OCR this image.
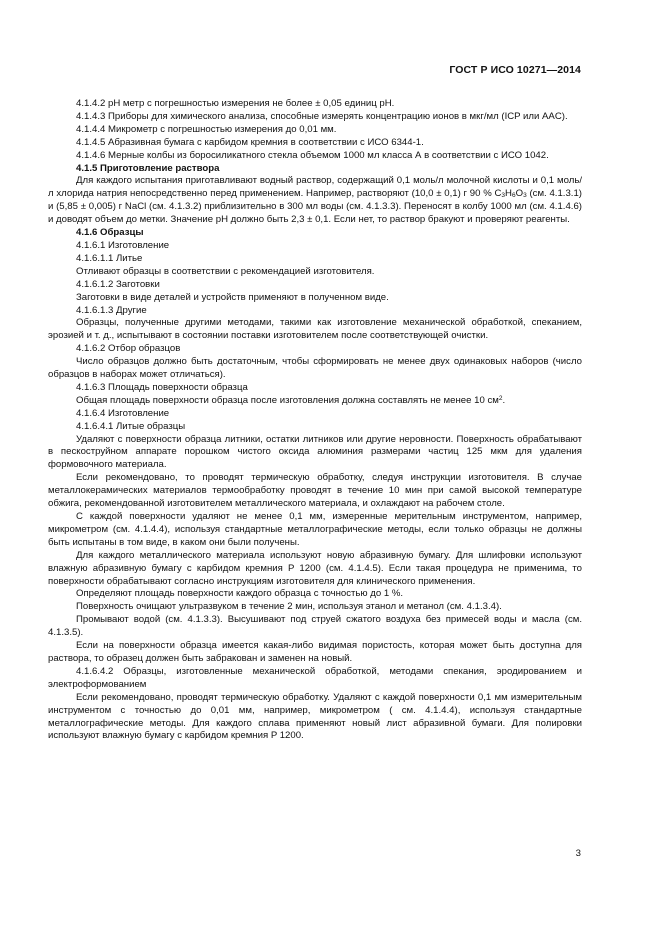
ГОСТ Р ИСО 10271—2014

4.1.4.2 pH метр с погрешностью измерения не более ± 0,05 единиц pH.

4.1.4.3 Приборы для химического анализа, способные измерять концентрацию ионов в мкг/мл (ICP или AAC).

4.1.4.4 Микрометр с погрешностью измерения до 0,01 мм.

4.1.4.5 Абразивная бумага с карбидом кремния в соответствии с ИСО 6344-1.

4.1.4.6 Мерные колбы из боросиликатного стекла объемом 1000 мл класса А в соответствии с ИСО 1042.

4.1.5 Приготовление раствора

Для каждого испытания приготавливают водный раствор, содержащий 0,1 моль/л молочной кислоты и 0,1 моль/л хлорида натрия непосредственно перед применением. Например, растворяют (10,0 ± 0,1) г 90 % $C_3H_6O_3$ (см. 4.1.3.1) и (5,85 ± 0,005) г NaCl (см. 4.1.3.2) приблизительно в 300 мл воды (см. 4.1.3.3). Переносят в колбу 1000 мл (см. 4.1.4.6) и доводят объем до метки. Значение pH должно быть 2,3 ± 0,1. Если нет, то раствор бракуют и проверяют реагенты.

4.1.6 Образцы

4.1.6.1 Изготовление

4.1.6.1.1 Литье

Отливают образцы в соответствии с рекомендацией изготовителя.

4.1.6.1.2 Заготовки

Заготовки в виде деталей и устройств применяют в полученном виде.

4.1.6.1.3 Другие

Образцы, полученные другими методами, такими как изготовление механической обработкой, спеканием, эрозией и т. д., испытывают в состоянии поставки изготовителем после соответствующей очистки.

4.1.6.2 Отбор образцов

Число образцов должно быть достаточным, чтобы сформировать не менее двух одинаковых наборов (число образцов в наборах может отличаться).

4.1.6.3 Площадь поверхности образца

Общая площадь поверхности образца после изготовления должна составлять не менее 10 $см^2$.

4.1.6.4 Изготовление

4.1.6.4.1 Литые образцы

Удаляют с поверхности образца литники, остатки литников или другие неровности. Поверхность обрабатывают в пескоструйном аппарате порошком чистого оксида алюминия размерами частиц 125 мкм для удаления формовочного материала.

Если рекомендовано, то проводят термическую обработку, следуя инструкции изготовителя. В случае металлокерамических материалов термообработку проводят в течение 10 мин при самой высокой температуре обжига, рекомендованной изготовителем металлического материала, и охлаждают на рабочем столе.

С каждой поверхности удаляют не менее 0,1 мм, измеренные мерительным инструментом, например, микрометром (см. 4.1.4.4), используя стандартные металлографические методы, если только образцы не должны быть испытаны в том виде, в каком они были получены.

Для каждого металлического материала используют новую абразивную бумагу. Для шлифовки используют влажную абразивную бумагу с карбидом кремния P 1200 (см. 4.1.4.5). Если такая процедура не применима, то поверхности обрабатывают согласно инструкциям изготовителя для клинического применения.

Определяют площадь поверхности каждого образца с точностью до 1 %.

Поверхность очищают ультразвуком в течение 2 мин, используя этанол и метанол (см. 4.1.3.4).

Промывают водой (см. 4.1.3.3). Высушивают под струей сжатого воздуха без примесей воды и масла (см. 4.1.3.5).

Если на поверхности образца имеется какая-либо видимая пористость, которая может быть доступна для раствора, то образец должен быть забракован и заменен на новый.

4.1.6.4.2 Образцы, изготовленные механической обработкой, методами спекания, эродированием и электроформованием

Если рекомендовано, проводят термическую обработку. Удаляют с каждой поверхности 0,1 мм измерительным инструментом с точностью до 0,01 мм, например, микрометром ( см. 4.1.4.4), используя стандартные металлографические методы. Для каждого сплава применяют новый лист абразивной бумаги. Для полировки используют влажную бумагу с карбидом кремния P 1200.

3
